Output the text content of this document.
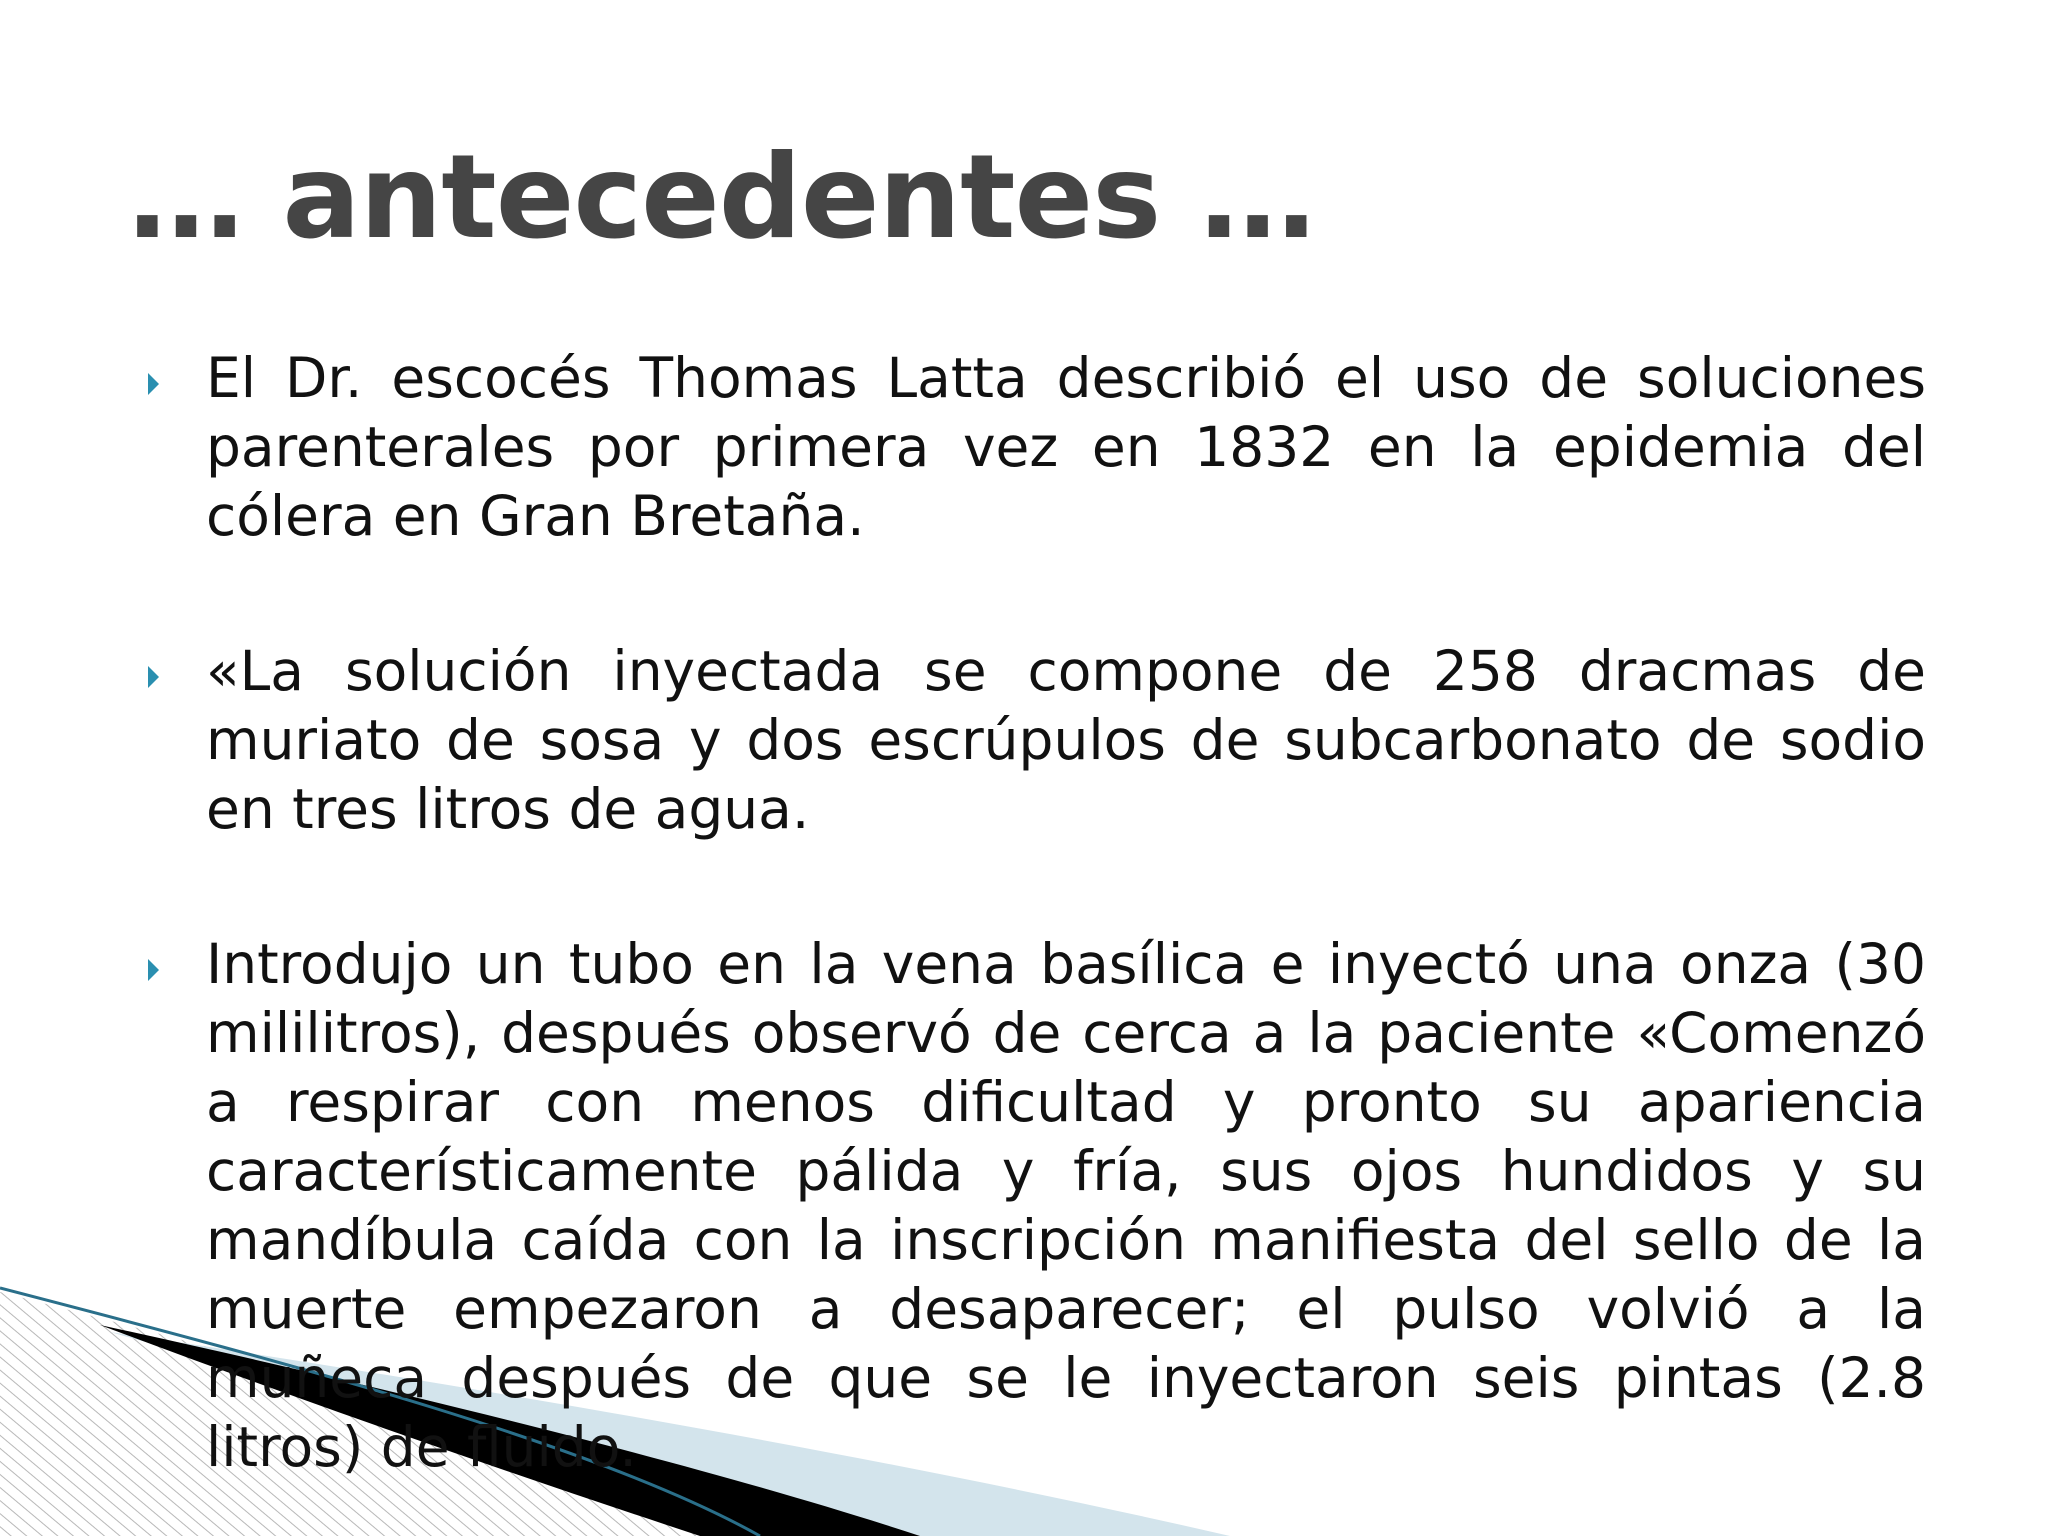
… antecedentes …
El Dr. escocés Thomas Latta describió el uso de soluciones parenterales por primera vez en 1832 en la epidemia del cólera en Gran Bretaña.
«La solución inyectada se compone de 258 dracmas de muriato de sosa y dos escrúpulos de subcarbonato de sodio en tres litros de agua.
Introdujo un tubo en la vena basílica e inyectó una onza (30 mililitros), después observó de cerca a la paciente «Comenzó a respirar con menos dificultad y pronto su apariencia característicamente pálida y fría, sus ojos hundidos y su mandíbula caída con la inscripción manifiesta del sello de la muerte empezaron a desaparecer; el pulso volvió a la muñeca después de que se le inyectaron seis pintas (2.8 litros) de fluido.
